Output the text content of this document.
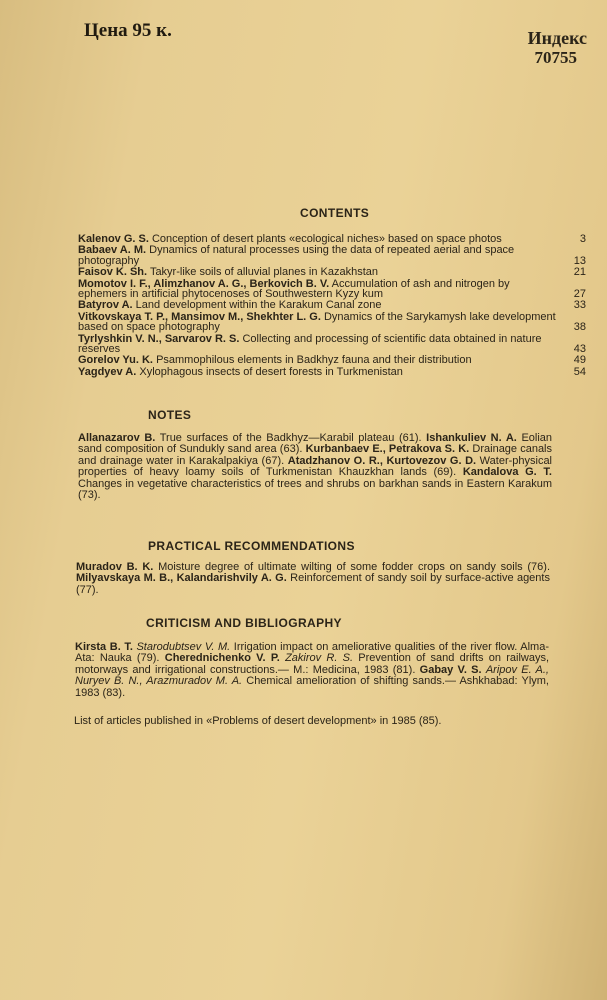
Цена 95 к.	Индекс
70755
CONTENTS
Kalenov G. S. Conception of desert plants «ecological niches» based on space photos	3
Babaev A. M. Dynamics of natural processes using the data of repeated aerial and space photography	13
Faisov K. Sh. Takyr-like soils of alluvial planes in Kazakhstan	21
Momotov I. F., Alimzhanov A. G., Berkovich B. V. Accumulation of ash and nitrogen by ephemers in artificial phytocenoses of Southwestern Kyzy kum	27
Batyrov A. Land development within the Karakum Canal zone	33
Vitkovskaya T. P., Mansimov M., Shekhter L. G. Dynamics of the Sarykamysh lake development based on space photography	38
Tyrlyshkin V. N., Sarvarov R. S. Collecting and processing of scientific data obtained in nature reserves	43
Gorelov Yu. K. Psammophilous elements in Badkhyz fauna and their distribution	49
Yagdyev A. Xylophagous insects of desert forests in Turkmenistan	54
NOTES
Allanazarov B. True surfaces of the Badkhyz—Karabil plateau (61). Ishankuliev N. A. Eolian sand composition of Sundukly sand area (63). Kurbanbaev E., Petrakova S. K. Drainage canals and drainage water in Karakalpakiya (67). Atadzhanov O. R., Kurtovezov G. D. Water-physical properties of heavy loamy soils of Turkmenistan Khauzkhan lands (69). Kandalova G. T. Changes in vegetative characteristics of trees and shrubs on barkhan sands in Eastern Karakum (73).
PRACTICAL RECOMMENDATIONS
Muradov B. K. Moisture degree of ultimate wilting of some fodder crops on sandy soils (76). Milyavskaya M. B., Kalandarishvily A. G. Reinforcement of sandy soil by surface-active agents (77).
CRITICISM AND BIBLIOGRAPHY
Kirsta B. T. Starodubtsev V. M. Irrigation impact on ameliorative qualities of the river flow. Alma-Ata: Nauka (79). Cherednichenko V. P. Zakirov R. S. Prevention of sand drifts on railways, motorways and irrigational constructions.— M.: Medicina, 1983 (81). Gabay V. S. Aripov E. A., Nuryev B. N., Arazmuradov M. A. Chemical amelioration of shifting sands.— Ashkhabad: Ylym, 1983 (83).
List of articles published in «Problems of desert development» in 1985 (85).
